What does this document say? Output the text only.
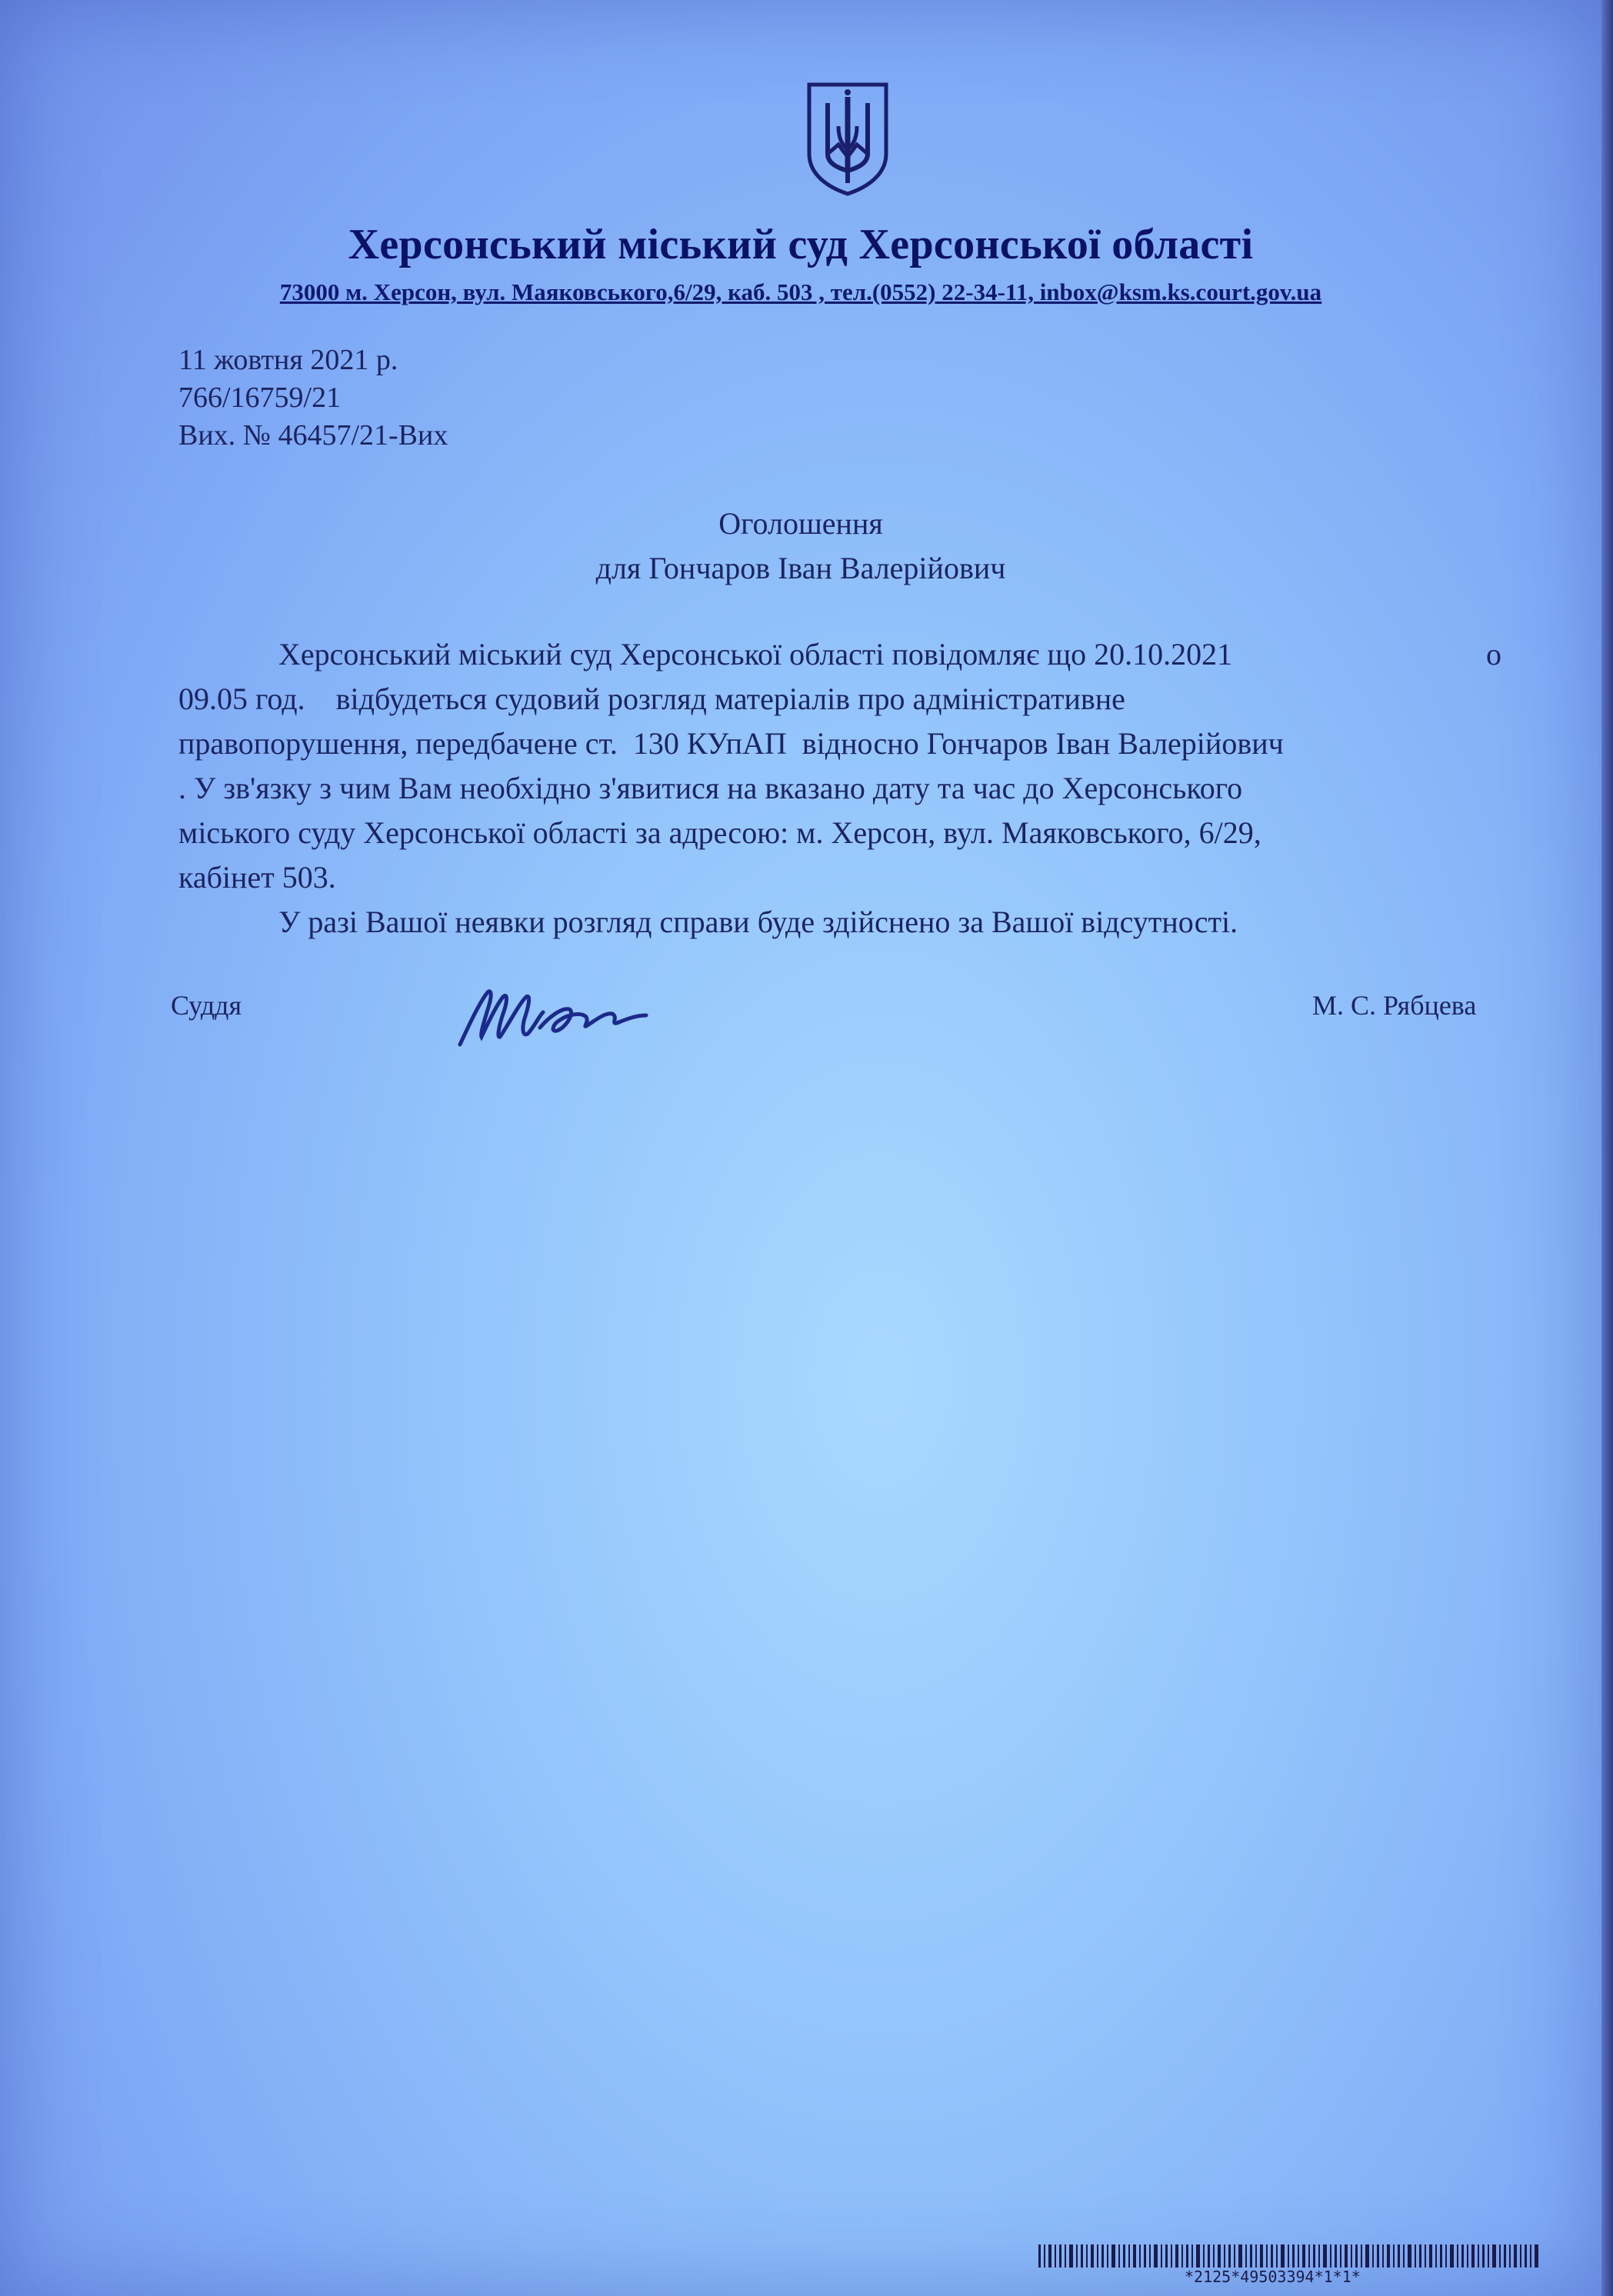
Херсонський міський суд Херсонської області
73000 м. Херсон, вул. Маяковського,6/29, каб. 503 , тел.(0552) 22-34-11, inbox@ksm.ks.court.gov.ua
11 жовтня 2021 р.
766/16759/21
Вих. № 46457/21-Вих
Оголошення
для Гончаров Іван Валерійович
Херсонський міський суд Херсонської області повідомляє що 20.10.2021	о
09.05 год.    відбудеться судовий розгляд матеріалів про адміністративне
правопорушення, передбачене ст.  130 КУпАП  відносно Гончаров Іван Валерійович
. У зв'язку з чим Вам необхідно з'явитися на вказано дату та час до Херсонського
міського суду Херсонської області за адресою: м. Херсон, вул. Маяковського, 6/29,
кабінет 503.
У разі Вашої неявки розгляд справи буде здійснено за Вашої відсутності.
Суддя	М. С. Рябцева
*2125*49503394*1*1*
